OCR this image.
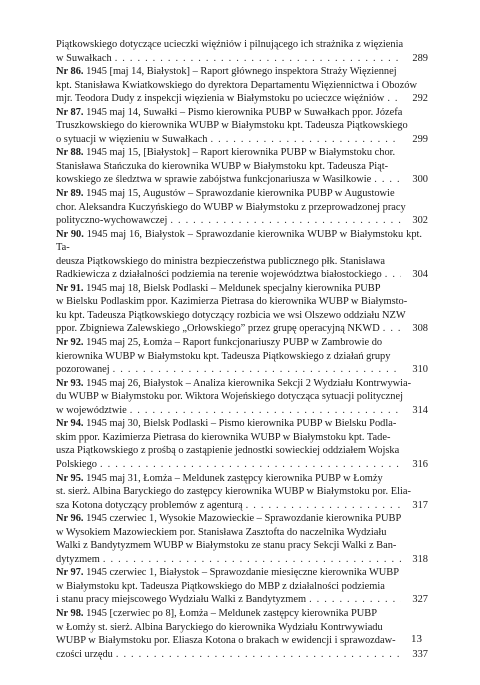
Piątkowskiego dotyczące ucieczki więźniów i pilnującego ich strażnika z więzienia
w Suwałkach . . .	289
Nr 86. 1945 [maj 14, Białystok] – Raport głównego inspektora Straży Więziennej
kpt. Stanisława Kwiatkowskiego do dyrektora Departamentu Więziennictwa i Obozów
mjr. Teodora Dudy z inspekcji więzienia w Białymstoku po ucieczce więźniów . . .	292
Nr 87. 1945 maj 14, Suwałki – Pismo kierownika PUBP w Suwałkach ppor. Józefa
Truszkowskiego do kierownika WUBP w Białymstoku kpt. Tadeusza Piątkowskiego
o sytuacji w więzieniu w Suwałkach . . .	299
Nr 88. 1945 maj 15, [Białystok] – Raport kierownika PUBP w Białymstoku chor.
Stanisława Stańczuka do kierownika WUBP w Białymstoku kpt. Tadeusza Piąt-
kowskiego ze śledztwa w sprawie zabójstwa funkcjonariusza w Wasilkowie . . .	300
Nr 89. 1945 maj 15, Augustów – Sprawozdanie kierownika PUBP w Augustowie
chor. Aleksandra Kuczyńskiego do WUBP w Białymstoku z przeprowadzonej pracy
polityczno-wychowawczej . . .	302
Nr 90. 1945 maj 16, Białystok – Sprawozdanie kierownika WUBP w Białymstoku kpt. Ta-
deusza Piątkowskiego do ministra bezpieczeństwa publicznego płk. Stanisława
Radkiewicza z działalności podziemia na terenie województwa białostockiego . . .	304
Nr 91. 1945 maj 18, Bielsk Podlaski – Meldunek specjalny kierownika PUBP
w Bielsku Podlaskim ppor. Kazimierza Pietrasa do kierownika WUBP w Białymsto-
ku kpt. Tadeusza Piątkowskiego dotyczący rozbicia we wsi Olszewo oddziału NZW
ppor. Zbigniewa Zalewskiego „Orłowskiego” przez grupę operacyjną NKWD . . .	308
Nr 92. 1945 maj 25, Łomża – Raport funkcjonariuszy PUBP w Zambrowie do
kierownika WUBP w Białymstoku kpt. Tadeusza Piątkowskiego z działań grupy
pozorowanej . . .	310
Nr 93. 1945 maj 26, Białystok – Analiza kierownika Sekcji 2 Wydziału Kontrwywia-
du WUBP w Białymstoku por. Wiktora Wojeńskiego dotycząca sytuacji politycznej
w województwie . . .	314
Nr 94. 1945 maj 30, Bielsk Podlaski – Pismo kierownika PUBP w Bielsku Podla-
skim ppor. Kazimierza Pietrasa do kierownika WUBP w Białymstoku kpt. Tade-
usza Piątkowskiego z prośbą o zastąpienie jednostki sowieckiej oddziałem Wojska
Polskiego . . .	316
Nr 95. 1945 maj 31, Łomża – Meldunek zastępcy kierownika PUBP w Łomży
st. sierż. Albina Baryckiego do zastępcy kierownika WUBP w Białymstoku por. Elia-
sza Kotona dotyczący problemów z agenturą . . .	317
Nr 96. 1945 czerwiec 1, Wysokie Mazowieckie – Sprawozdanie kierownika PUBP
w Wysokiem Mazowieckiem por. Stanisława Zasztofta do naczelnika Wydziału
Walki z Bandytyzmem WUBP w Białymstoku ze stanu pracy Sekcji Walki z Ban-
dytyzmem . . .	318
Nr 97. 1945 czerwiec 1, Białystok – Sprawozdanie miesięczne kierownika WUBP
w Białymstoku kpt. Tadeusza Piątkowskiego do MBP z działalności podziemia
i stanu pracy miejscowego Wydziału Walki z Bandytyzmem . . .	327
Nr 98. 1945 [czerwiec po 8], Łomża – Meldunek zastępcy kierownika PUBP
w Łomży st. sierż. Albina Baryckiego do kierownika Wydziału Kontrwywiadu
WUBP w Białymstoku por. Eliasza Kotona o brakach w ewidencji i sprawozdaw-
czości urzędu . . .	337
13
